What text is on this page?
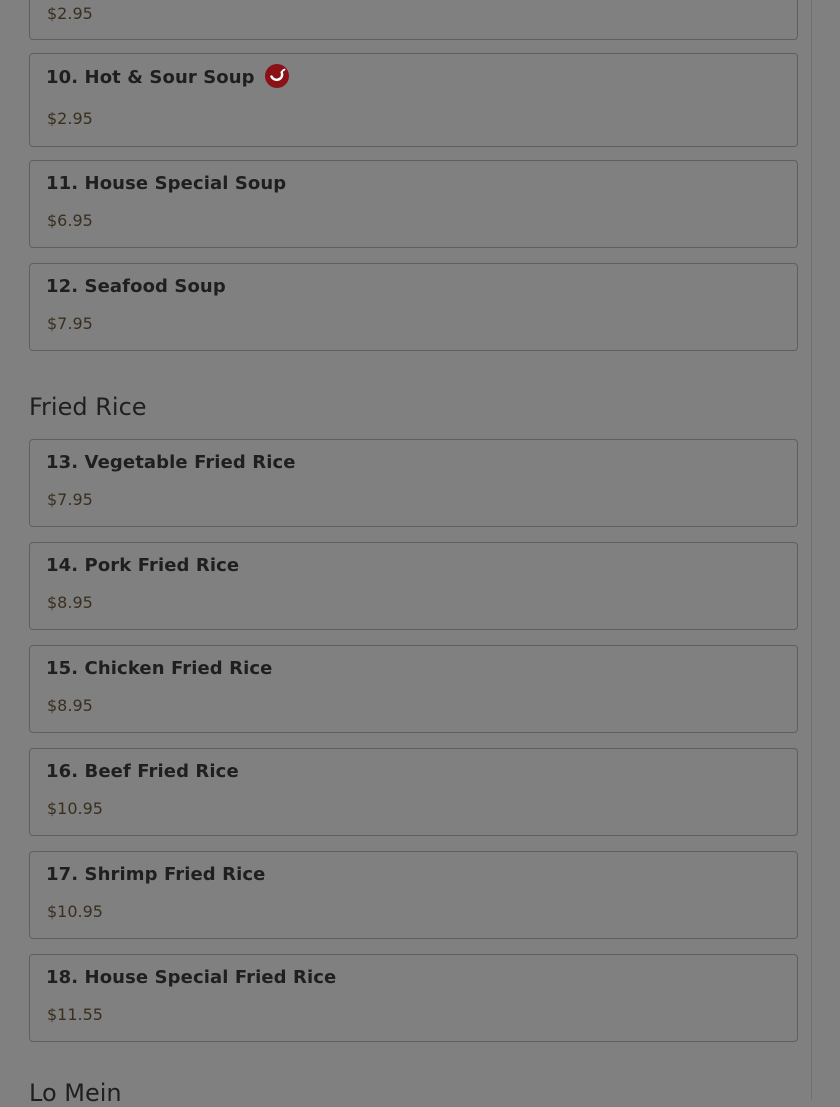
$2.95
10. Hot & Sour Soup
$2.95
11. House Special Soup
$6.95
12. Seafood Soup
$7.95
Fried Rice
13. Vegetable Fried Rice
$7.95
14. Pork Fried Rice
$8.95
15. Chicken Fried Rice
$8.95
16. Beef Fried Rice
$10.95
17. Shrimp Fried Rice
$10.95
18. House Special Fried Rice
$11.55
Lo Mein
